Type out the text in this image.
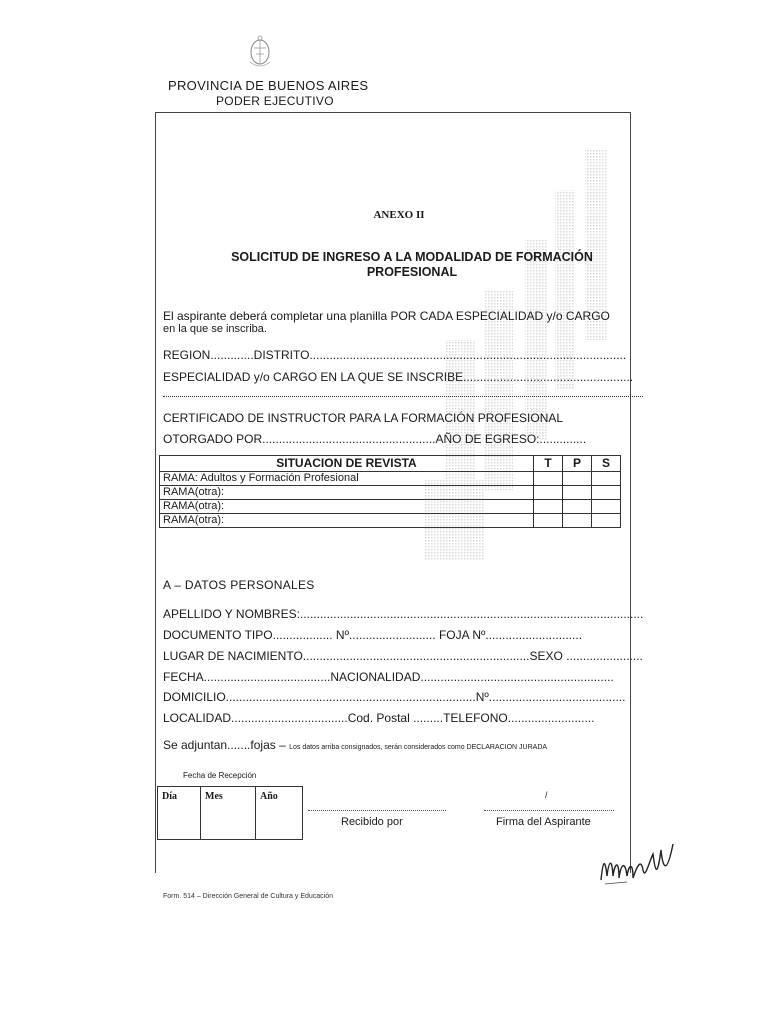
PROVINCIA DE BUENOS AIRES
PODER EJECUTIVO
ANEXO II
SOLICITUD DE INGRESO A LA MODALIDAD DE FORMACIÓN
PROFESIONAL
El aspirante deberá completar una planilla POR CADA ESPECIALIDAD y/o CARGO
en la que se inscriba.
REGION.............DISTRITO...............................................................................................
ESPECIALIDAD y/o CARGO EN LA QUE SE INSCRIBE...................................................
CERTIFICADO DE INSTRUCTOR PARA LA FORMACIÓN PROFESIONAL
OTORGADO POR....................................................AÑO DE EGRESO:..............
SITUACION DE REVISTA	T	P	S
RAMA: Adultos y Formación Profesional			
RAMA(otra):			
RAMA(otra):			
RAMA(otra):			
A – DATOS PERSONALES
APELLIDO Y NOMBRES:.......................................................................................................
DOCUMENTO TIPO.................. Nº.......................... FOJA Nº.............................
LUGAR DE NACIMIENTO....................................................................SEXO .......................
FECHA......................................NACIONALIDAD..........................................................
DOMICILIO...........................................................................Nº.........................................
LOCALIDAD...................................Cod. Postal .........TELEFONO..........................
Se adjuntan.......fojas – Los datos arriba consignados, serán considerados como DECLARACION JURADA
Fecha de Recepción
Día	Mes	Año	/
Recibido por	Firma del Aspirante
Form. 514 – Dirección General de Cultura y Educación
